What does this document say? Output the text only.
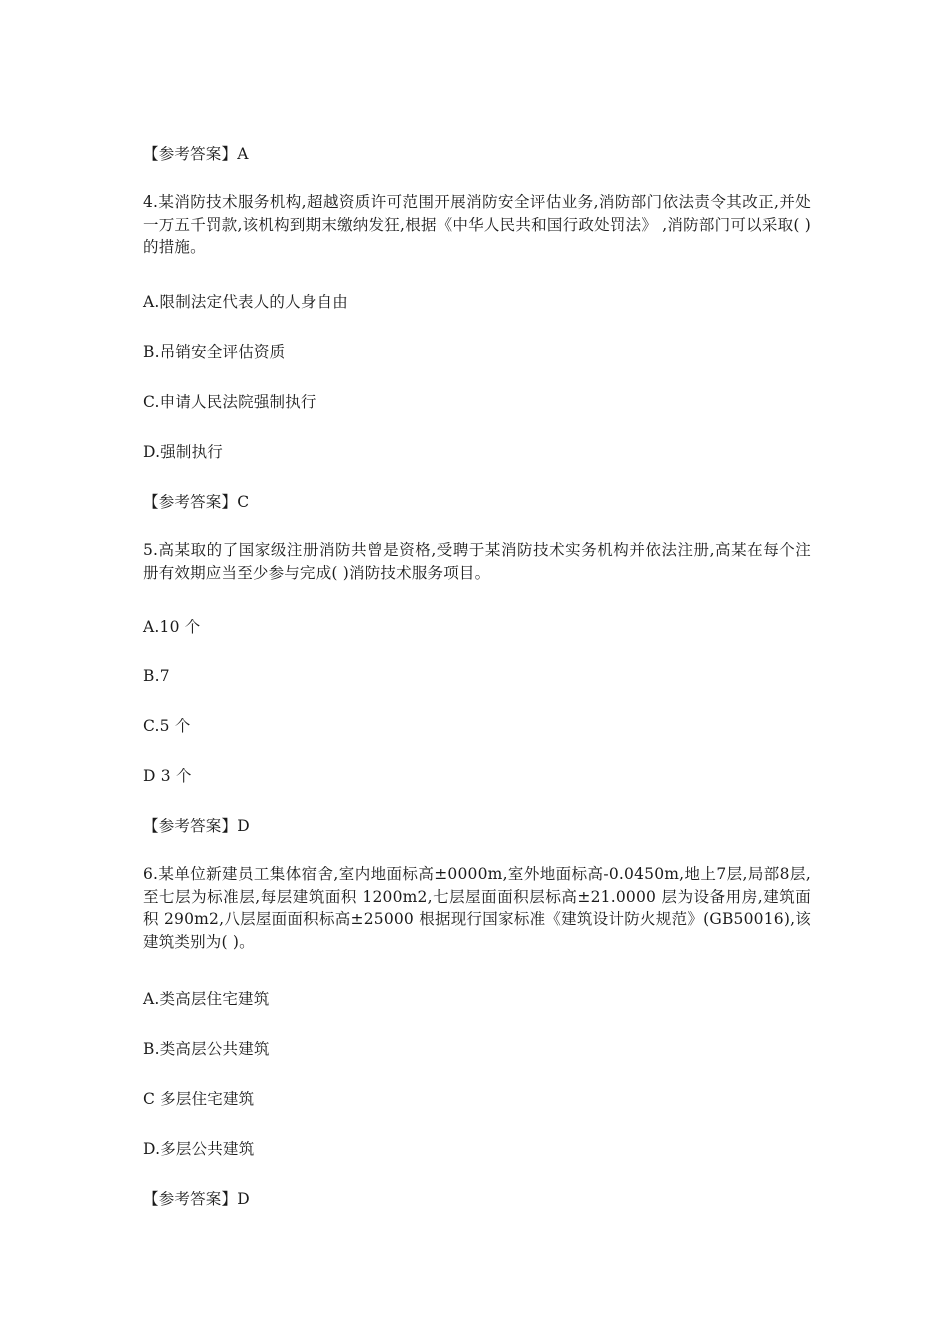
【参考答案】A
4.某消防技术服务机构,超越资质许可范围开展消防安全评估业务,消防部门依法责令其改正,并处一万五千罚款,该机构到期末缴纳发狂,根据《中华人民共和国行政处罚法》 ,消防部门可以采取( )的措施。
A.限制法定代表人的人身自由
B.吊销安全评估资质
C.申请人民法院强制执行
D.强制执行
【参考答案】C
5.高某取的了国家级注册消防共曾是资格,受聘于某消防技术实务机构并依法注册,高某在每个注册有效期应当至少参与完成( )消防技术服务项目。
A.10 个
B.7
C.5 个
D 3 个
【参考答案】D
6.某单位新建员工集体宿舍,室内地面标高±0000m,室外地面标高-0.0450m,地上7层,局部8层,至七层为标准层,每层建筑面积 1200m2,七层屋面面积层标高±21.0000 层为设备用房,建筑面积 290m2,八层屋面面积标高±25000 根据现行国家标准《建筑设计防火规范》(GB50016),该建筑类别为( )。
A.类高层住宅建筑
B.类高层公共建筑
C 多层住宅建筑
D.多层公共建筑
【参考答案】D
